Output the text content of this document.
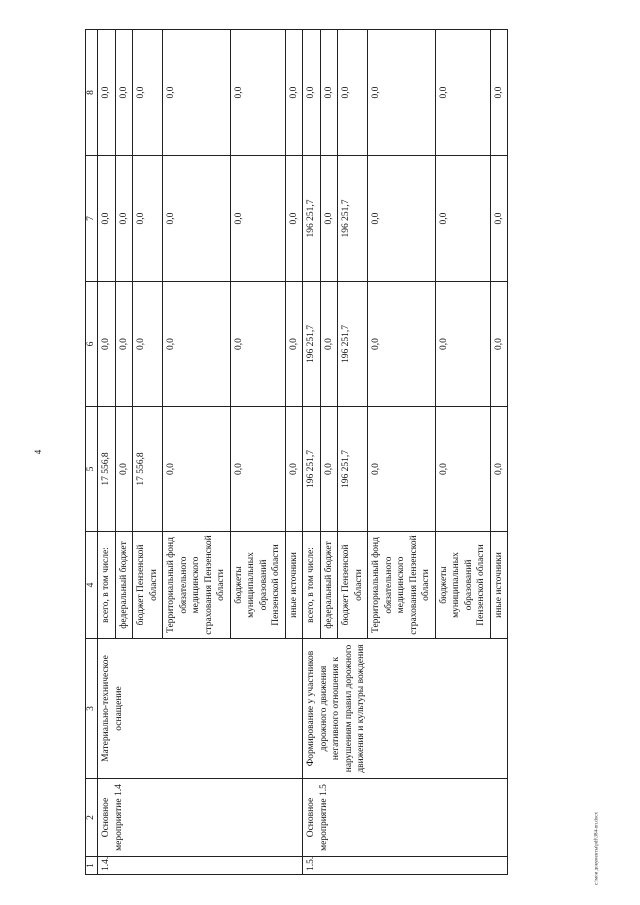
4
1	2	3	4	5	6	7	8
1.4.	Основное мероприятие 1.4	Материально-техническое оснащение	всего, в том числе:	17 556,8	0,0	0,0	0,0
			федеральный бюджет	0,0	0,0	0,0	0,0
			бюджет Пензенской области	17 556,8	0,0	0,0	0,0
			Территориальный фонд обязательного медицинского страхования Пензенской области	0,0	0,0	0,0	0,0
			бюджеты муниципальных образований Пензенской области	0,0	0,0	0,0	0,0
			иные источники	0,0	0,0	0,0	0,0
1.5.	Основное мероприятие 1.5	Формирование у участников дорожного движения негативного отношения к нарушениям правил дорожного движения и культуры вождения	всего, в том числе:	196 251,7	196 251,7	196 251,7	0,0
			федеральный бюджет	0,0	0,0	0,0	0,0
			бюджет Пензенской области	196 251,7	196 251,7	196 251,7	0,0
			Территориальный фонд обязательного медицинского страхования Пензенской области	0,0	0,0	0,0	0,0
			бюджеты муниципальных образований Пензенской области	0,0	0,0	0,0	0,0
			иные источники	0,0	0,0	0,0	0,0
c:\мои документы\pdf\384-пп.docx
